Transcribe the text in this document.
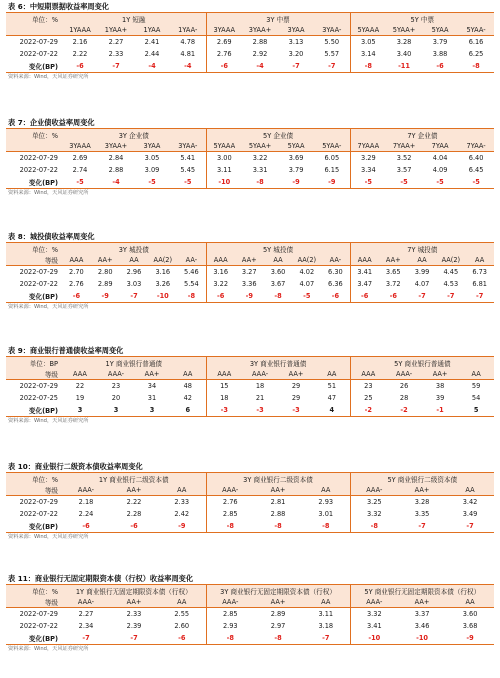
表 6：中短期票据收益率周变化
单位：%	1Y 短融				3Y 中票				5Y 中票			
	1YAAA	1YAA+	1YAA	1YAA-	3YAAA	3YAA+	3YAA	3YAA-	5YAAA	5YAA+	5YAA	5YAA-
2022-07-29	2.16	2.27	2.41	4.78	2.69	2.88	3.13	5.50	3.05	3.28	3.79	6.16
2022-07-22	2.22	2.33	2.44	4.81	2.76	2.92	3.20	5.57	3.14	3.40	3.88	6.25
变化(BP)	-6	-7	-4	-4	-6	-4	-7	-7	-8	-11	-6	-8
资料来源：Wind，天风证券研究所
表 7：企业债收益率周变化
单位：%	3Y 企业债				5Y 企业债				7Y 企业债			
	3YAAA	3YAA+	3YAA	3YAA-	5YAAA	5YAA+	5YAA	5YAA-	7YAAA	7YAA+	7YAA	7YAA-
2022-07-29	2.69	2.84	3.05	5.41	3.00	3.22	3.69	6.05	3.29	3.52	4.04	6.40
2022-07-22	2.74	2.88	3.09	5.45	3.11	3.31	3.79	6.15	3.34	3.57	4.09	6.45
变化(BP)	-5	-4	-5	-5	-10	-8	-9	-9	-5	-5	-5	-5
资料来源：Wind，天风证券研究所
表 8：城投债收益率周变化
单位：%	3Y 城投债					5Y 城投债					7Y 城投债				
等级	AAA	AA+	AA	AA(2)	AA-	AAA	AA+	AA	AA(2)	AA-	AAA	AA+	AA	AA(2)	AA
2022-07-29	2.70	2.80	2.96	3.16	5.46	3.16	3.27	3.60	4.02	6.30	3.41	3.65	3.99	4.45	6.73
2022-07-22	2.76	2.89	3.03	3.26	5.54	3.22	3.36	3.67	4.07	6.36	3.47	3.72	4.07	4.53	6.81
变化(BP)	-6	-9	-7	-10	-8	-6	-9	-8	-5	-6	-6	-6	-7	-7	-7
资料来源：Wind，天风证券研究所
表 9：商业银行普通债收益率周变化
单位：BP	1Y 商业银行普通债				3Y 商业银行普通债				5Y 商业银行普通债			
等级	AAA	AAA-	AA+	AA	AAA	AAA-	AA+	AA	AAA	AAA-	AA+	AA
2022-07-29	22	23	34	48	15	18	29	51	23	26	38	59
2022-07-25	19	20	31	42	18	21	29	47	25	28	39	54
变化(BP)	3	3	3	6	-3	-3	-3	4	-2	-2	-1	5
资料来源：Wind，天风证券研究所
表 10：商业银行二级资本债收益率周变化
单位：%	1Y 商业银行二级资本债			3Y 商业银行二级资本债			5Y 商业银行二级资本债		
等级	AAA-	AA+	AA	AAA-	AA+	AA	AAA-	AA+	AA
2022-07-29	2.18	2.22	2.33	2.76	2.81	2.93	3.25	3.28	3.42
2022-07-22	2.24	2.28	2.42	2.85	2.88	3.01	3.32	3.35	3.49
变化(BP)	-6	-6	-9	-8	-8	-8	-8	-7	-7
资料来源：Wind，天风证券研究所
表 11：商业银行无固定期限资本债（行权）收益率周变化
单位：%	1Y 商业银行无固定期限资本债（行权）			3Y 商业银行无固定期限资本债（行权）			5Y 商业银行无固定期限资本债（行权）		
等级	AAA-	AA+	AA	AAA-	AA+	AA	AAA-	AA+	AA
2022-07-29	2.27	2.33	2.55	2.85	2.89	3.11	3.32	3.37	3.60
2022-07-22	2.34	2.39	2.60	2.93	2.97	3.18	3.41	3.46	3.68
变化(BP)	-7	-7	-6	-8	-8	-7	-10	-10	-9
资料来源：Wind，天风证券研究所
